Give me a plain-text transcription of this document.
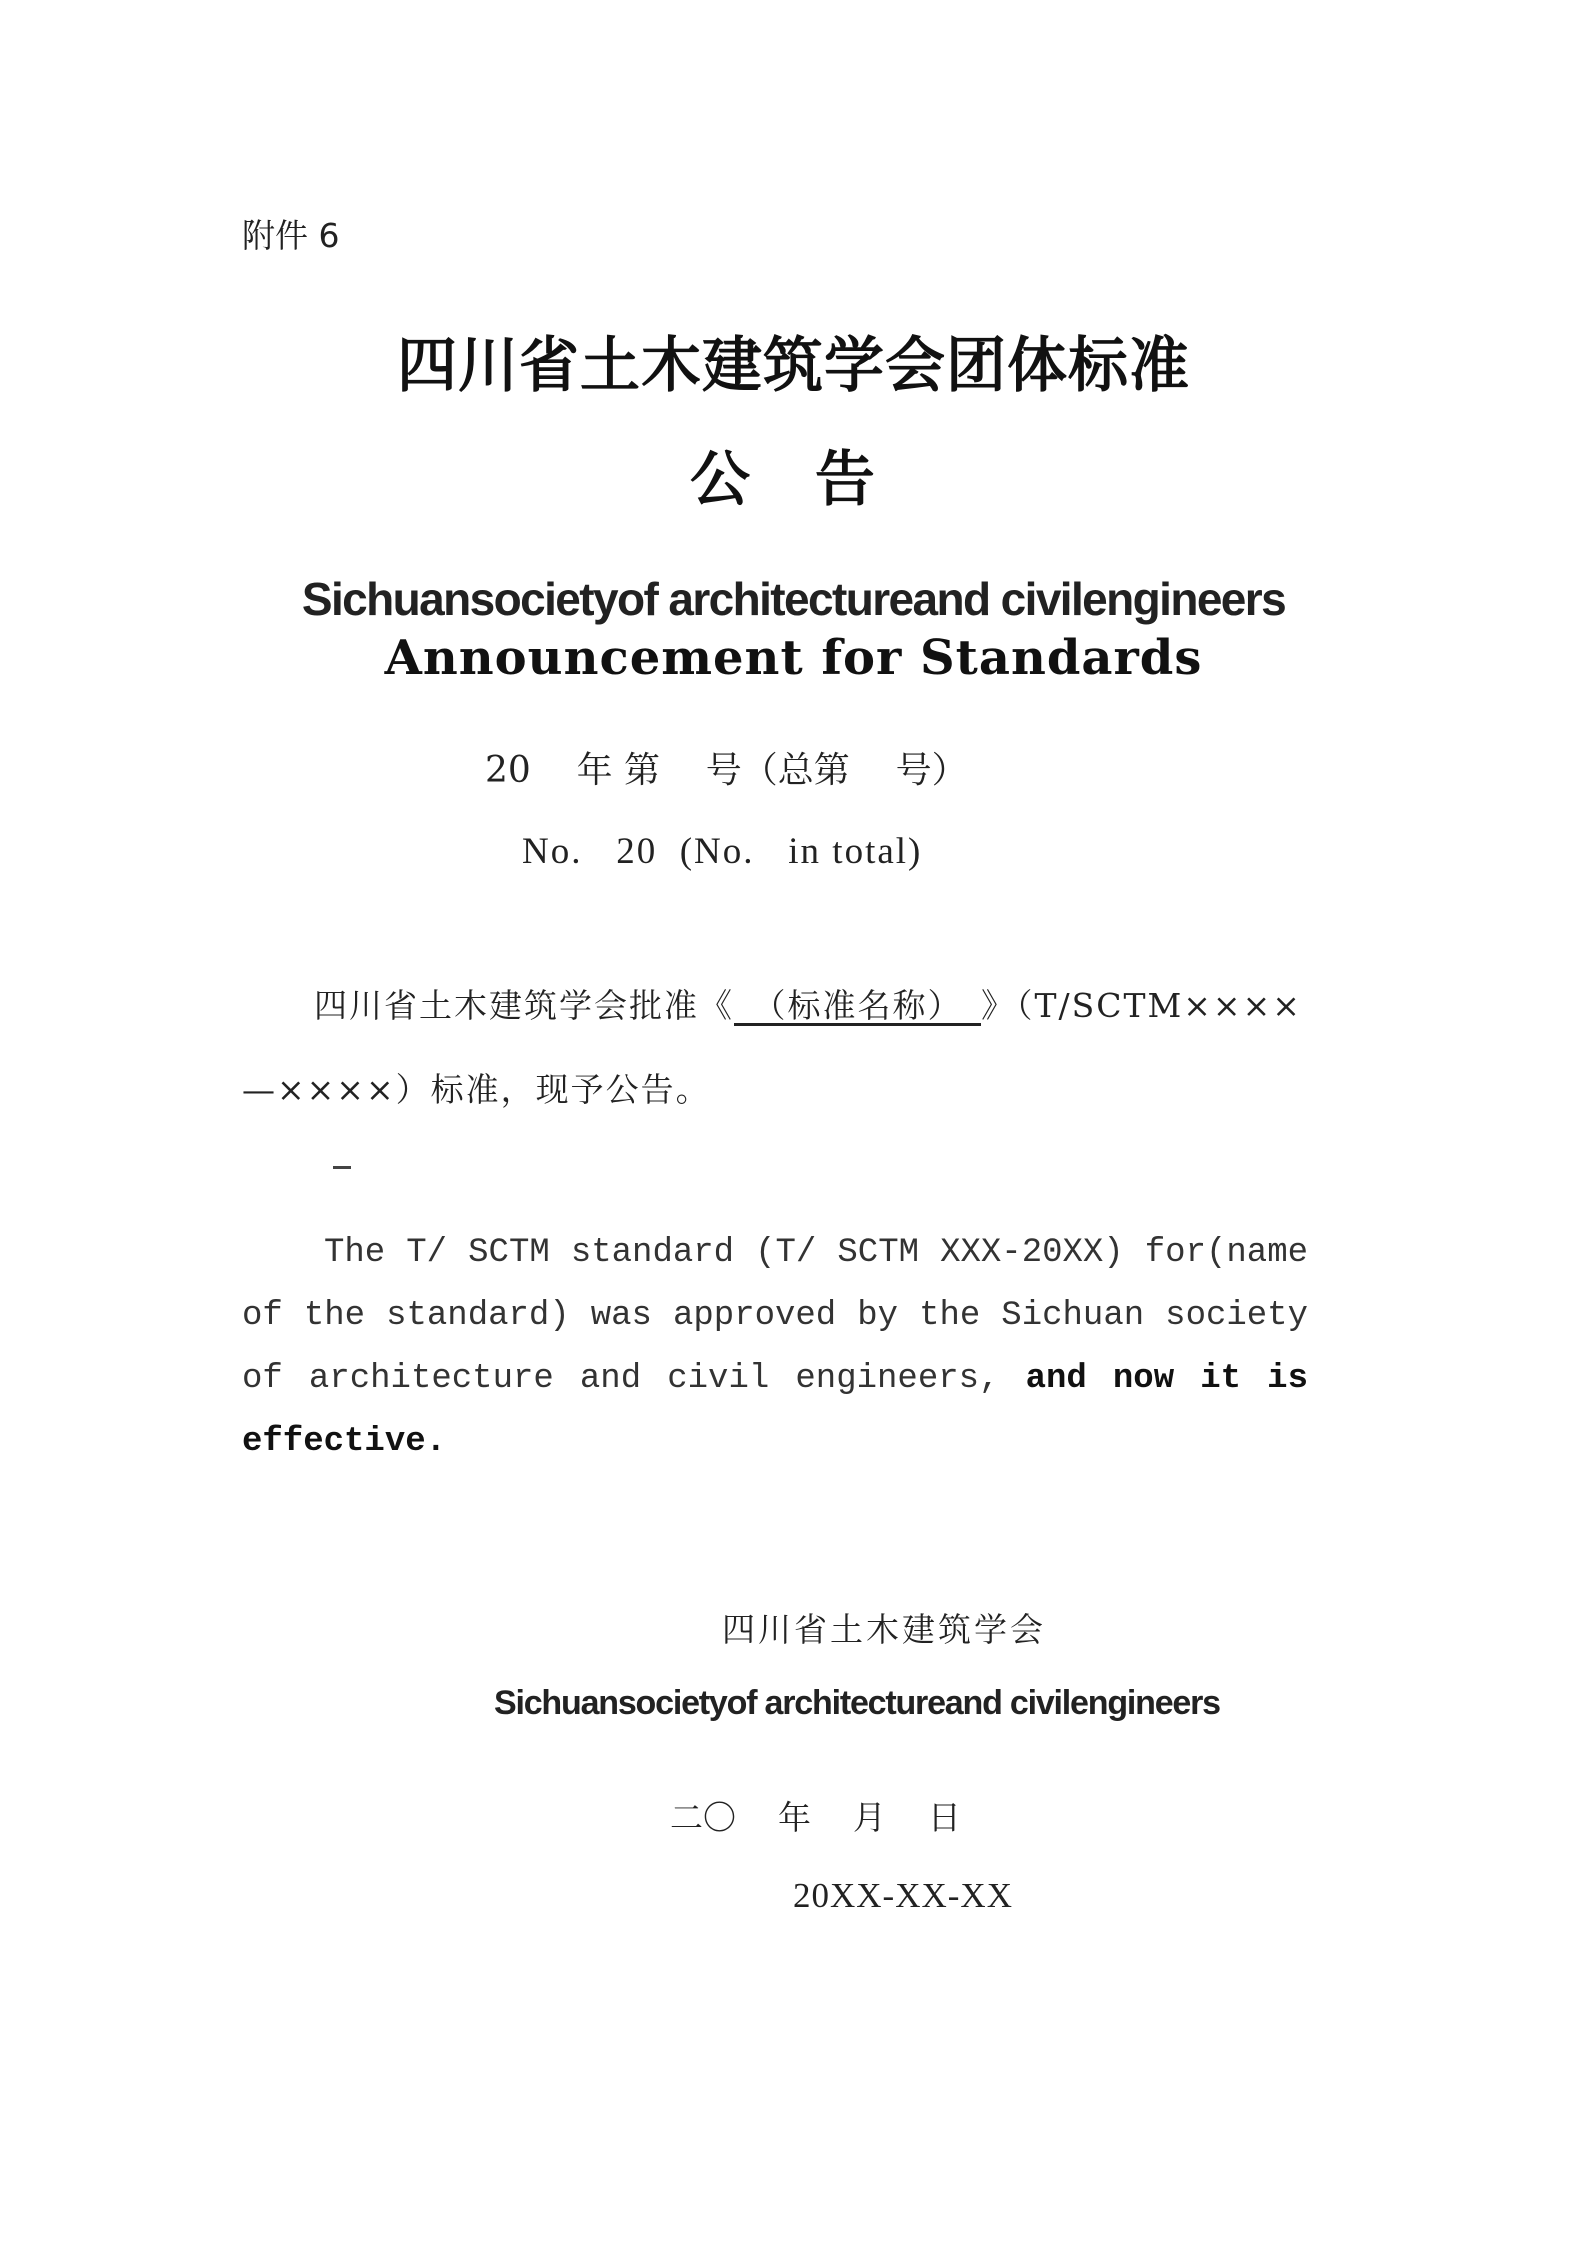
附件 6
四川省土木建筑学会团体标准
公 告
Sichuansocietyof architectureand civilengineers
Announcement for Standards
20    年 第    号（总第    号）
No.   20  (No.   in total)
四川省土木建筑学会批准《　（标准名称）　》（T/SCTM××××
—××××）标准，现予公告。
The T/ SCTM standard (T/ SCTM XXX-20XX) for(name of the standard) was approved by the Sichuan society of architecture and civil engineers, and now it is effective.
四川省土木建筑学会
Sichuansocietyof architectureand civilengineers
二〇    年    月    日
20XX-XX-XX
